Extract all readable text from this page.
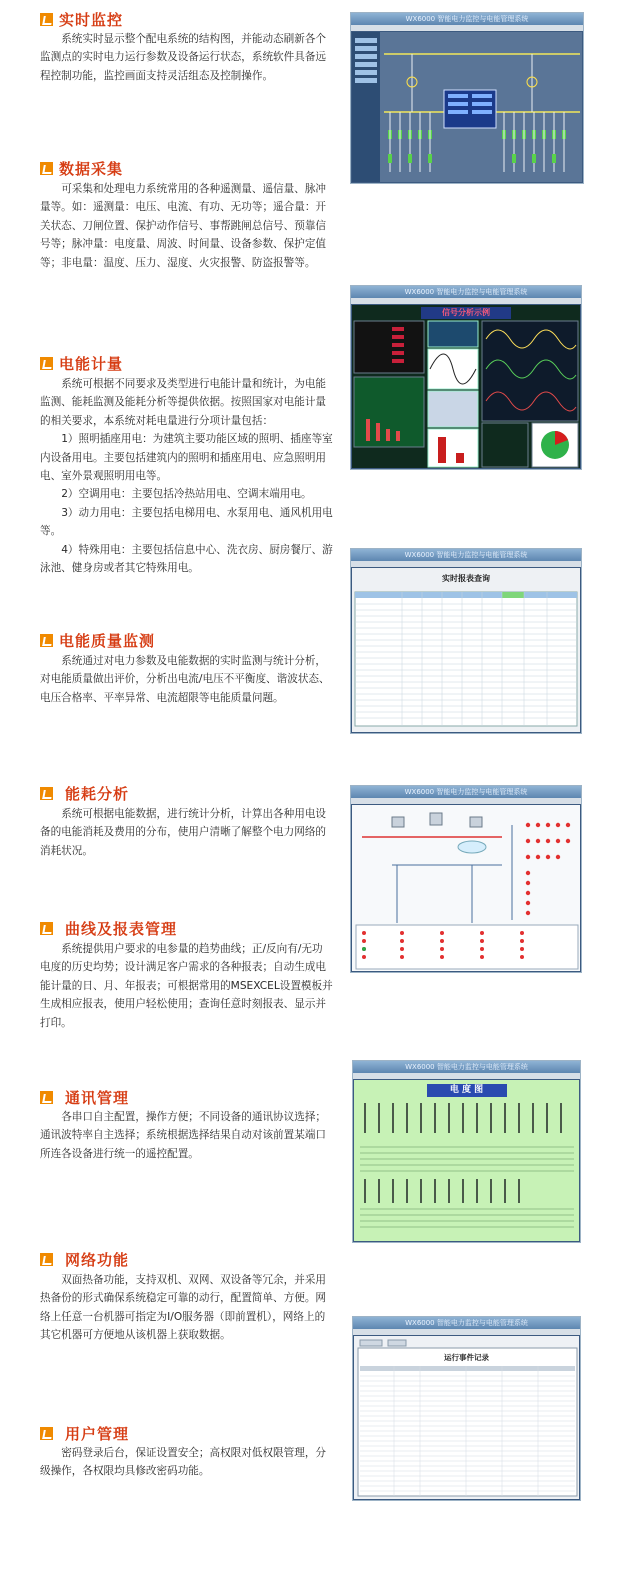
实时监控

系统实时显示整个配电系统的结构图，并能动态刷新各个监测点的实时电力运行参数及设备运行状态，系统软件具备远程控制功能，监控画面支持灵活组态及控制操作。

WX6000 智能电力监控与电能管理系统
数据采集

可采集和处理电力系统常用的各种遥测量、遥信量、脉冲量等。如：遥测量：电压、电流、有功、无功等；遥合量：开关状态、刀闸位置、保护动作信号、事帮跳闸总信号、预靠信号等；脉冲量：电度量、周波、时间量、设备参数、保护定值等；非电量：温度、压力、湿度、火灾报警、防盗报警等。

WX6000 智能电力监控与电能管理系统
信号分析示例
电能计量

系统可根据不同要求及类型进行电能计量和统计，为电能监测、能耗监测及能耗分析等提供依据。按照国家对电能计量的相关要求，本系统对耗电量进行分项计量包括：

1）照明插座用电：为建筑主要功能区域的照明、插座等室内设备用电。主要包括建筑内的照明和插座用电、应急照明用电、室外景观照明用电等。

2）空调用电：主要包括冷热站用电、空调末端用电。

3）动力用电：主要包括电梯用电、水泵用电、通风机用电等。

4）特殊用电：主要包括信息中心、洗衣房、厨房餐厅、游泳池、健身房或者其它特殊用电。

WX6000 智能电力监控与电能管理系统
实时报表查询
电能质量监测

系统通过对电力参数及电能数据的实时监测与统计分析，对电能质量做出评价，分析出电流/电压不平衡度、谐波状态、电压合格率、平率异常、电流超限等电能质量问题。

能耗分析

系统可根据电能数据，进行统计分析，计算出各种用电设备的电能消耗及费用的分布，使用户清晰了解整个电力网络的消耗状况。

WX6000 智能电力监控与电能管理系统
曲线及报表管理

系统提供用户要求的电参量的趋势曲线；正/反向有/无功电度的历史均势；设计满足客户需求的各种报表；自动生成电能计量的日、月、年报表；可根据常用的MSEXCEL设置模板并生成相应报表，使用户轻松使用；查询任意时刻报表、显示并打印。

WX6000 智能电力监控与电能管理系统
电 度 图
通讯管理

各串口自主配置，操作方便；不同设备的通讯协议选择；通讯波特率自主选择；系统根据选择结果自动对该前置某端口所连各设备进行统一的遥控配置。

网络功能

双面热备功能，支持双机、双网、双设备等冗余，并采用热备份的形式确保系统稳定可靠的动行，配置简单、方便。网络上任意一台机器可指定为I/O服务器（即前置机），网络上的其它机器可方便地从该机器上获取数据。

WX6000 智能电力监控与电能管理系统
运行事件记录
用户管理

密码登录后台，保证设置安全；高权限对低权限管理，分级操作，各权限均具修改密码功能。
